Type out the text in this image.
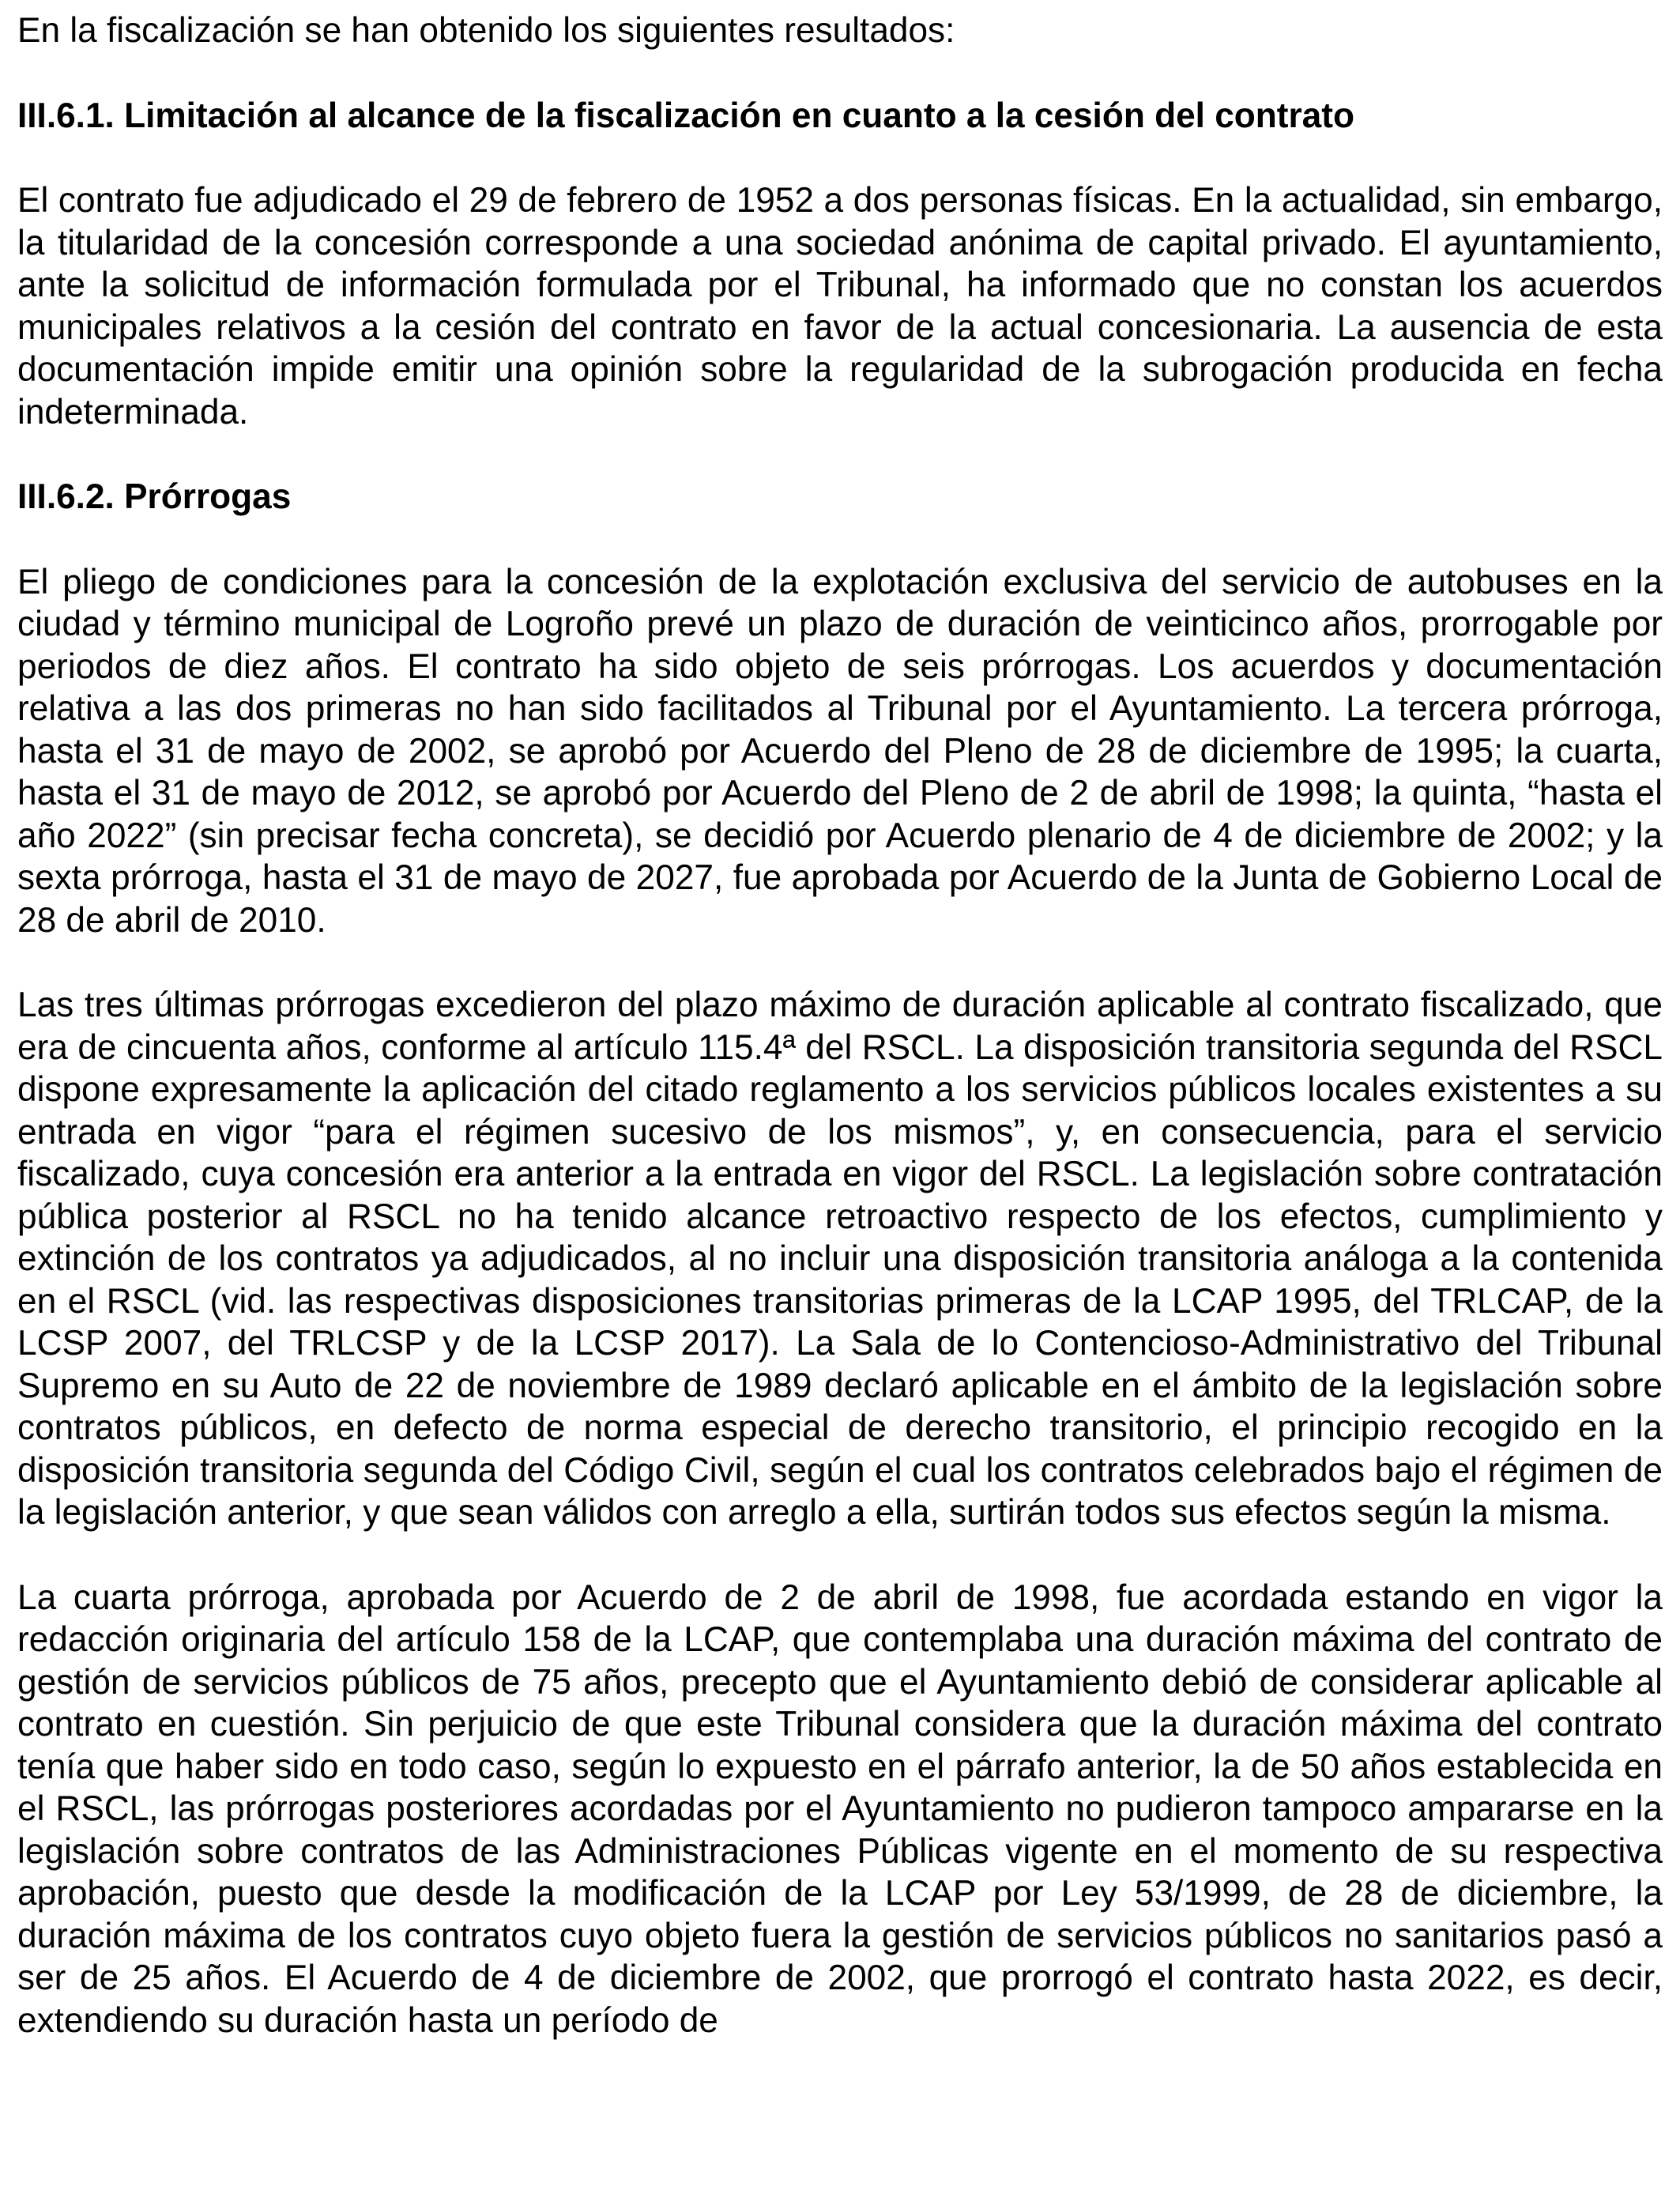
En la fiscalización se han obtenido los siguientes resultados:

III.6.1. Limitación al alcance de la fiscalización en cuanto a la cesión del contrato

El contrato fue adjudicado el 29 de febrero de 1952 a dos personas físicas. En la actualidad, sin embargo, la titularidad de la concesión corresponde a una sociedad anónima de capital privado. El ayuntamiento, ante la solicitud de información formulada por el Tribunal, ha informado que no constan los acuerdos municipales relativos a la cesión del contrato en favor de la actual concesionaria. La ausencia de esta documentación impide emitir una opinión sobre la regularidad de la subrogación producida en fecha indeterminada.

III.6.2. Prórrogas

El pliego de condiciones para la concesión de la explotación exclusiva del servicio de autobuses en la ciudad y término municipal de Logroño prevé un plazo de duración de veinticinco años, prorrogable por periodos de diez años. El contrato ha sido objeto de seis prórrogas. Los acuerdos y documentación relativa a las dos primeras no han sido facilitados al Tribunal por el Ayuntamiento. La tercera prórroga, hasta el 31 de mayo de 2002, se aprobó por Acuerdo del Pleno de 28 de diciembre de 1995; la cuarta, hasta el 31 de mayo de 2012, se aprobó por Acuerdo del Pleno de 2 de abril de 1998; la quinta, “hasta el año 2022” (sin precisar fecha concreta), se decidió por Acuerdo plenario de 4 de diciembre de 2002; y la sexta prórroga, hasta el 31 de mayo de 2027, fue aprobada por Acuerdo de la Junta de Gobierno Local de 28 de abril de 2010.

Las tres últimas prórrogas excedieron del plazo máximo de duración aplicable al contrato fiscalizado, que era de cincuenta años, conforme al artículo 115.4ª del RSCL. La disposición transitoria segunda del RSCL dispone expresamente la aplicación del citado reglamento a los servicios públicos locales existentes a su entrada en vigor “para el régimen sucesivo de los mismos”, y, en consecuencia, para el servicio fiscalizado, cuya concesión era anterior a la entrada en vigor del RSCL. La legislación sobre contratación pública posterior al RSCL no ha tenido alcance retroactivo respecto de los efectos, cumplimiento y extinción de los contratos ya adjudicados, al no incluir una disposición transitoria análoga a la contenida en el RSCL (vid. las respectivas disposiciones transitorias primeras de la LCAP 1995, del TRLCAP, de la LCSP 2007, del TRLCSP y de la LCSP 2017). La Sala de lo Contencioso-Administrativo del Tribunal Supremo en su Auto de 22 de noviembre de 1989 declaró aplicable en el ámbito de la legislación sobre contratos públicos, en defecto de norma especial de derecho transitorio, el principio recogido en la disposición transitoria segunda del Código Civil, según el cual los contratos celebrados bajo el régimen de la legislación anterior, y que sean válidos con arreglo a ella, surtirán todos sus efectos según la misma.

La cuarta prórroga, aprobada por Acuerdo de 2 de abril de 1998, fue acordada estando en vigor la redacción originaria del artículo 158 de la LCAP, que contemplaba una duración máxima del contrato de gestión de servicios públicos de 75 años, precepto que el Ayuntamiento debió de considerar aplicable al contrato en cuestión. Sin perjuicio de que este Tribunal considera que la duración máxima del contrato tenía que haber sido en todo caso, según lo expuesto en el párrafo anterior, la de 50 años establecida en el RSCL, las prórrogas posteriores acordadas por el Ayuntamiento no pudieron tampoco ampararse en la legislación sobre contratos de las Administraciones Públicas vigente en el momento de su respectiva aprobación, puesto que desde la modificación de la LCAP por Ley 53/1999, de 28 de diciembre, la duración máxima de los contratos cuyo objeto fuera la gestión de servicios públicos no sanitarios pasó a ser de 25 años. El Acuerdo de 4 de diciembre de 2002, que prorrogó el contrato hasta 2022, es decir, extendiendo su duración hasta un período de
